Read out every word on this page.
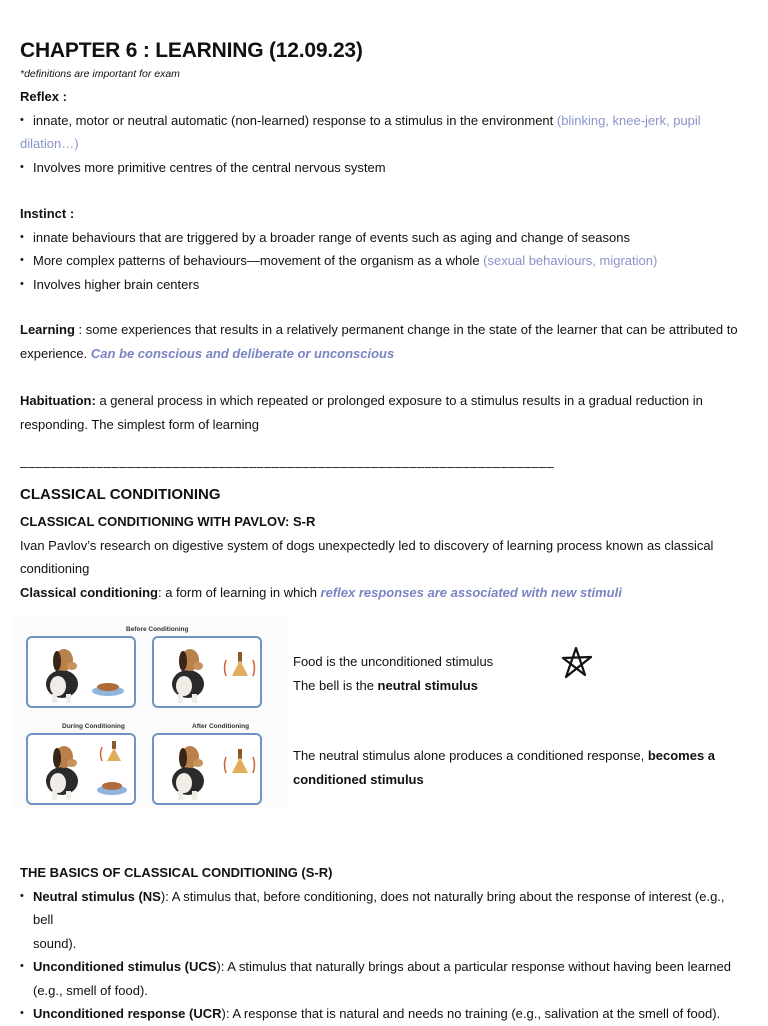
CHAPTER 6 : LEARNING (12.09.23)
*definitions are important for exam

Reflex :

• innate, motor or neutral automatic (non-learned) response to a stimulus in the environment (blinking, knee-jerk, pupil

dilation…)

• Involves more primitive centres of the central nervous system

Instinct :

• innate behaviours that are triggered by a broader range of events such as aging and change of seasons

• More complex patterns of behaviours—movement of the organism as a whole (sexual behaviours, migration)

• Involves higher brain centers

Learning : some experiences that results in a relatively permanent change in the state of the learner that can be attributed to

experience. Can be conscious and deliberate or unconscious

Habituation: a general process in which repeated or prolonged exposure to a stimulus results in a gradual reduction in

responding. The simplest form of learning

––––––––––––––––––––––––––––––––––––––––––––––––––––––––––––––––––––––

CLASSICAL CONDITIONING

CLASSICAL CONDITIONING WITH PAVLOV: S-R

Ivan Pavlov’s research on digestive system of dogs unexpectedly led to discovery of learning process known as classical

conditioning

Classical conditioning: a form of learning in which reflex responses are associated with new stimuli

Before Conditioning
During Conditioning	After Conditioning
Food is the unconditioned stimulus
The bell is the neutral stimulus
The neutral stimulus alone produces a conditioned response, becomes a
conditioned stimulus

THE BASICS OF CLASSICAL CONDITIONING (S-R)

• Neutral stimulus (NS): A stimulus that, before conditioning, does not naturally bring about the response of interest (e.g., bell

sound).

• Unconditioned stimulus (UCS): A stimulus that naturally brings about a particular response without having been learned

(e.g., smell of food).

• Unconditioned response (UCR): A response that is natural and needs no training (e.g., salivation at the smell of food).
